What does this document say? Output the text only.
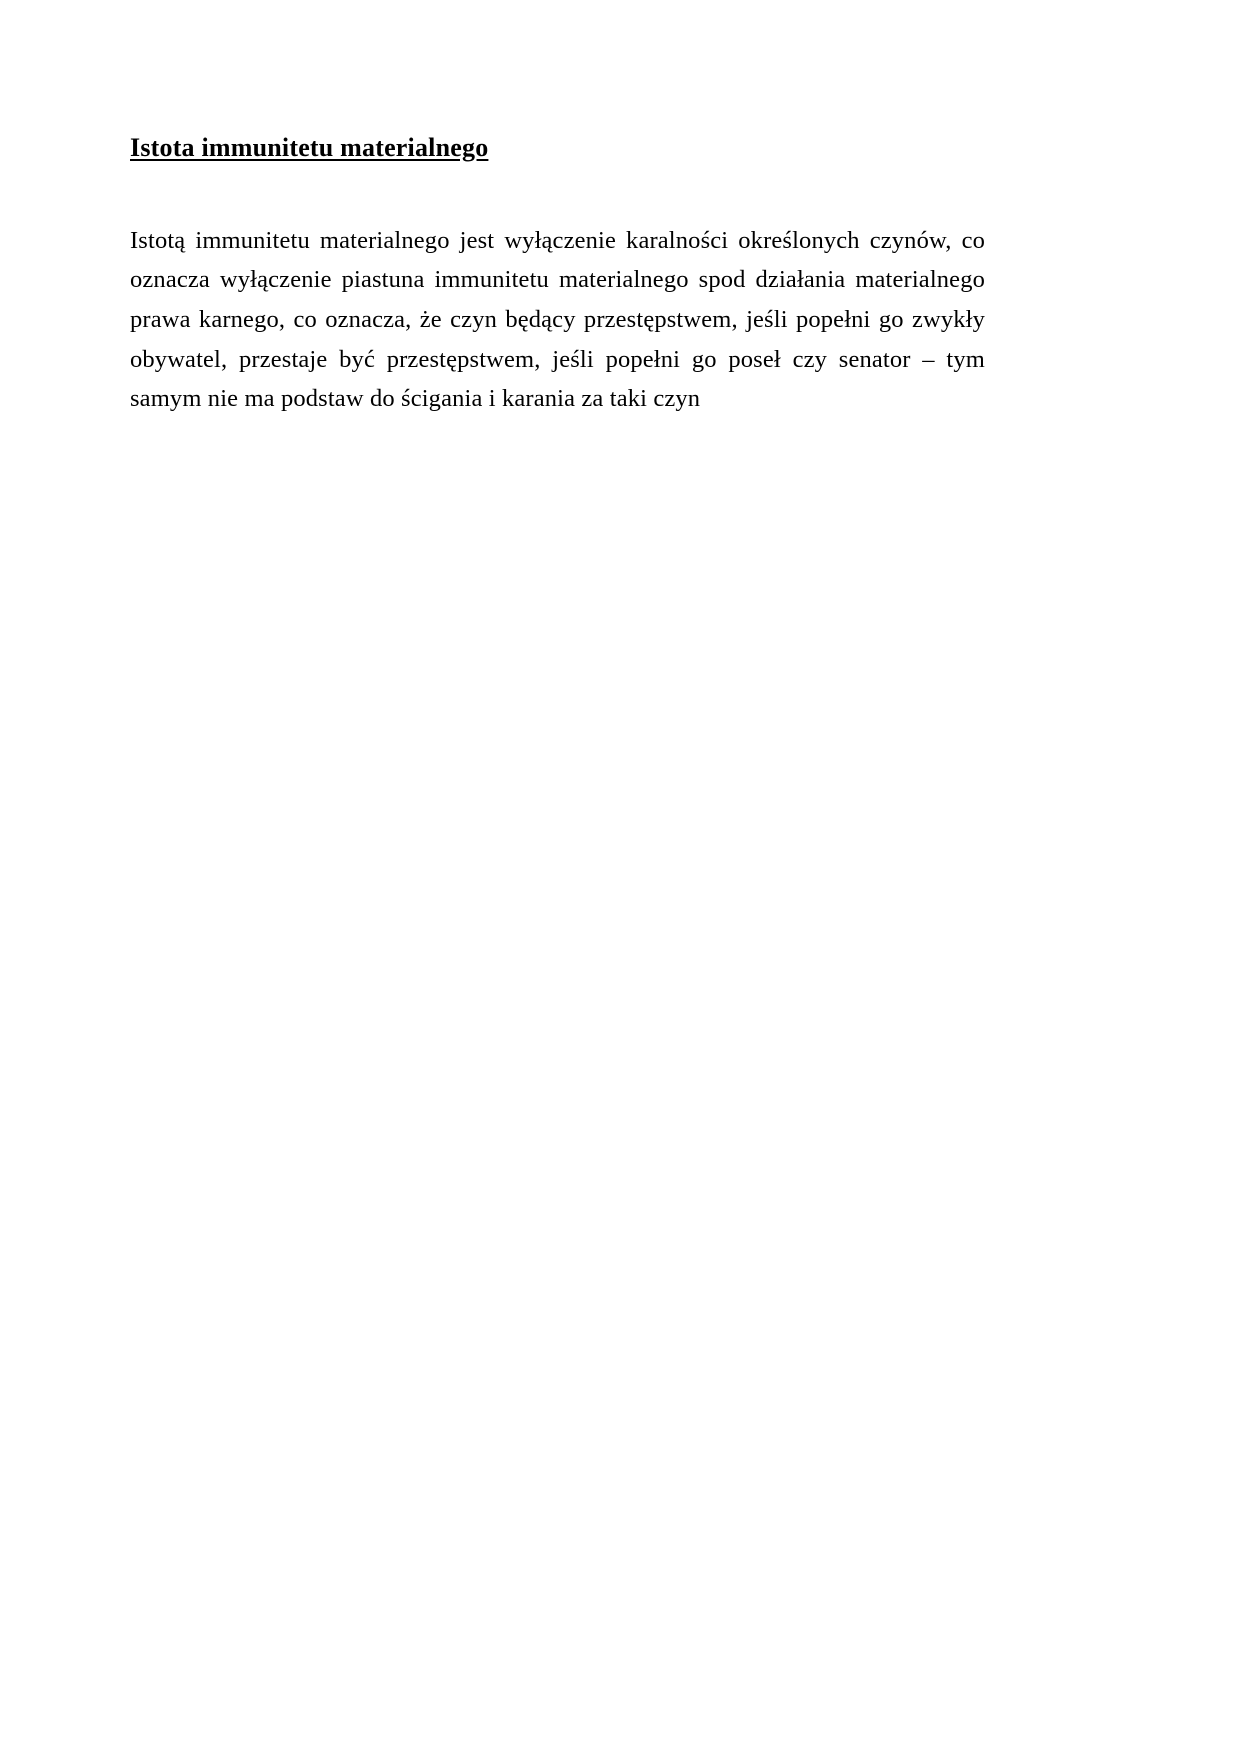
Istota immunitetu materialnego

Istotą immunitetu materialnego jest wyłączenie karalności określonych czynów, co oznacza wyłączenie piastuna immunitetu materialnego spod działania materialnego prawa karnego, co oznacza, że czyn będący przestępstwem, jeśli popełni go zwykły obywatel, przestaje być przestępstwem, jeśli popełni go poseł czy senator – tym samym nie ma podstaw do ścigania i karania za taki czyn
